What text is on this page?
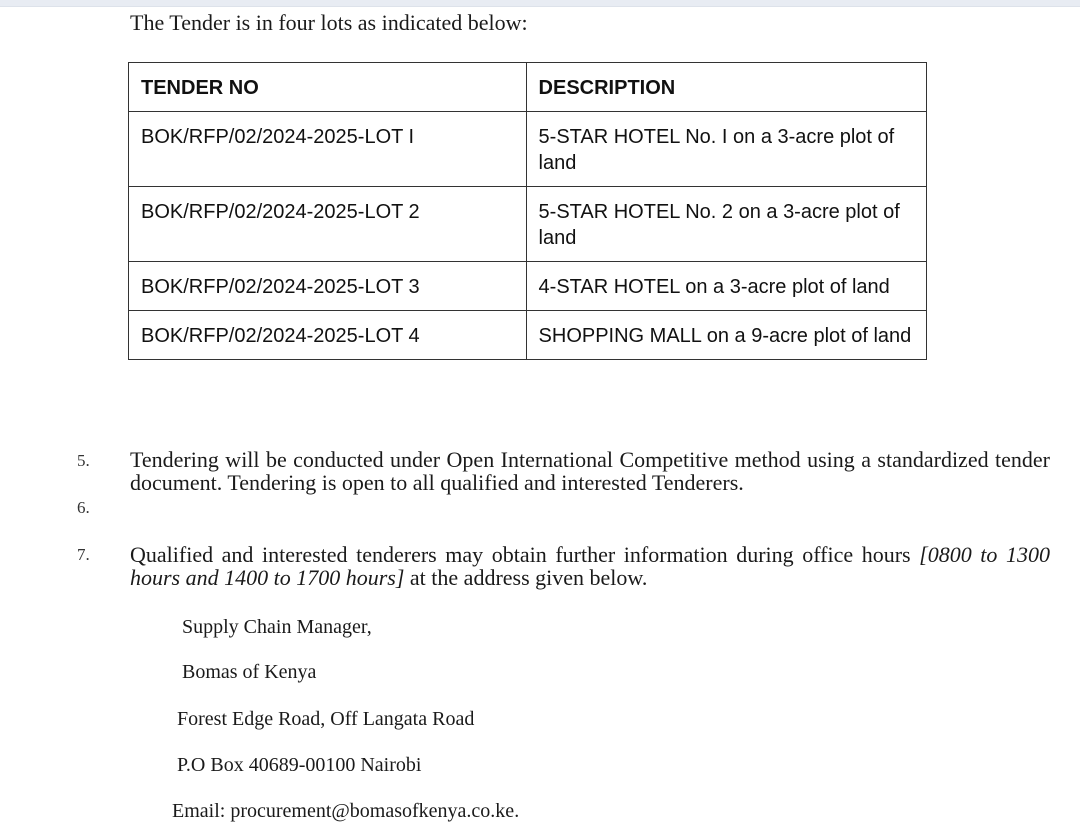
The Tender is in four lots as indicated below:
TENDER NO	DESCRIPTION
BOK/RFP/02/2024-2025-LOT I	5-STAR HOTEL No. I on a 3-acre plot of land
BOK/RFP/02/2024-2025-LOT 2	5-STAR HOTEL No. 2 on a 3-acre plot of land
BOK/RFP/02/2024-2025-LOT 3	4-STAR HOTEL on a 3-acre plot of land
BOK/RFP/02/2024-2025-LOT 4	SHOPPING MALL on a 9-acre plot of land
5. Tendering will be conducted under Open International Competitive method using a standardized tender document. Tendering is open to all qualified and interested Tenderers.
6.
7. Qualified and interested tenderers may obtain further information during office hours [0800 to 1300 hours and 1400 to 1700 hours] at the address given below.
Supply Chain Manager,
Bomas of Kenya
Forest Edge Road, Off Langata Road
P.O Box 40689-00100 Nairobi
Email: procurement@bomasofkenya.co.ke.
